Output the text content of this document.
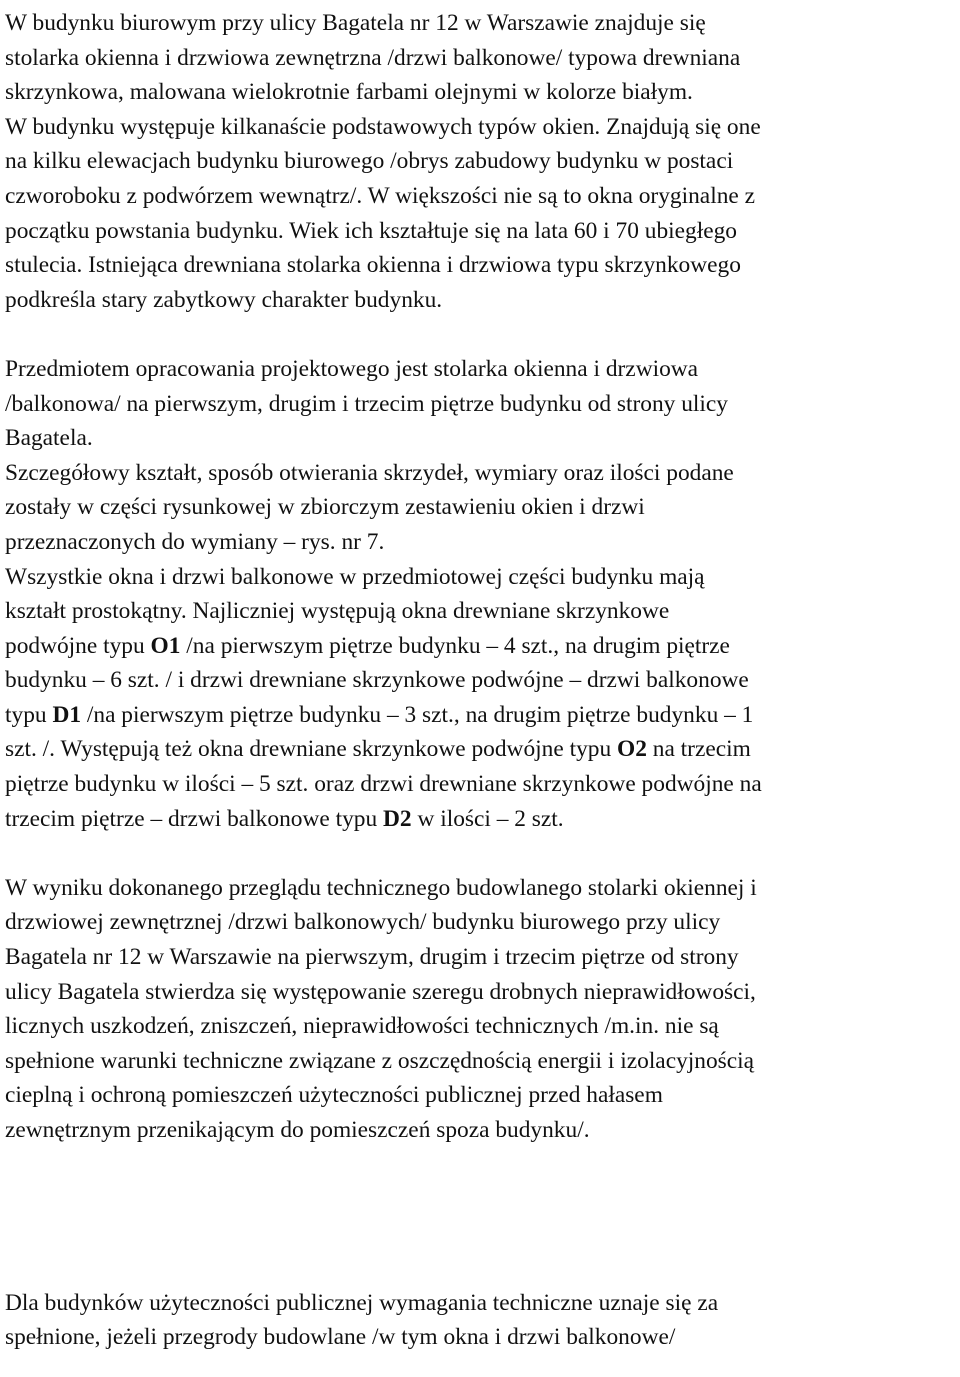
W budynku biurowym przy ulicy Bagatela nr 12 w Warszawie znajduje się
stolarka okienna i drzwiowa zewnętrzna /drzwi balkonowe/ typowa drewniana
skrzynkowa, malowana wielokrotnie farbami olejnymi w kolorze białym.
W budynku występuje kilkanaście podstawowych typów okien. Znajdują się one
na kilku elewacjach budynku biurowego /obrys zabudowy budynku w postaci
czworoboku z podwórzem wewnątrz/. W większości nie są to okna oryginalne z
początku powstania budynku. Wiek ich kształtuje się na lata 60 i 70 ubiegłego
stulecia. Istniejąca drewniana stolarka okienna i drzwiowa typu skrzynkowego
podkreśla stary zabytkowy charakter budynku.
Przedmiotem opracowania projektowego jest stolarka okienna i drzwiowa
/balkonowa/ na pierwszym, drugim i trzecim piętrze budynku od strony ulicy
Bagatela.
Szczegółowy kształt, sposób otwierania skrzydeł, wymiary oraz ilości podane
zostały w części rysunkowej w zbiorczym zestawieniu okien i drzwi
przeznaczonych do wymiany – rys. nr 7.
Wszystkie okna i drzwi balkonowe w przedmiotowej części budynku mają
kształt prostokątny. Najliczniej występują okna drewniane skrzynkowe
podwójne typu O1 /na pierwszym piętrze budynku – 4 szt., na drugim piętrze
budynku – 6 szt. / i drzwi drewniane skrzynkowe podwójne – drzwi balkonowe
typu D1 /na pierwszym piętrze budynku – 3 szt., na drugim piętrze budynku – 1
szt. /. Występują też okna drewniane skrzynkowe podwójne typu O2 na trzecim
piętrze budynku w ilości – 5 szt. oraz drzwi drewniane skrzynkowe podwójne na
trzecim piętrze – drzwi balkonowe typu D2 w ilości – 2 szt.
W wyniku dokonanego przeglądu technicznego budowlanego stolarki okiennej i
drzwiowej zewnętrznej /drzwi balkonowych/ budynku biurowego przy ulicy
Bagatela nr 12 w Warszawie na pierwszym, drugim i trzecim piętrze od strony
ulicy Bagatela stwierdza się występowanie szeregu drobnych nieprawidłowości,
licznych uszkodzeń, zniszczeń, nieprawidłowości technicznych /m.in. nie są
spełnione warunki techniczne związane z oszczędnością energii i izolacyjnością
cieplną i ochroną pomieszczeń użyteczności publicznej przed hałasem
zewnętrznym przenikającym do pomieszczeń spoza budynku/.
Dla budynków użyteczności publicznej wymagania techniczne uznaje się za
spełnione, jeżeli przegrody budowlane /w tym okna i drzwi balkonowe/
